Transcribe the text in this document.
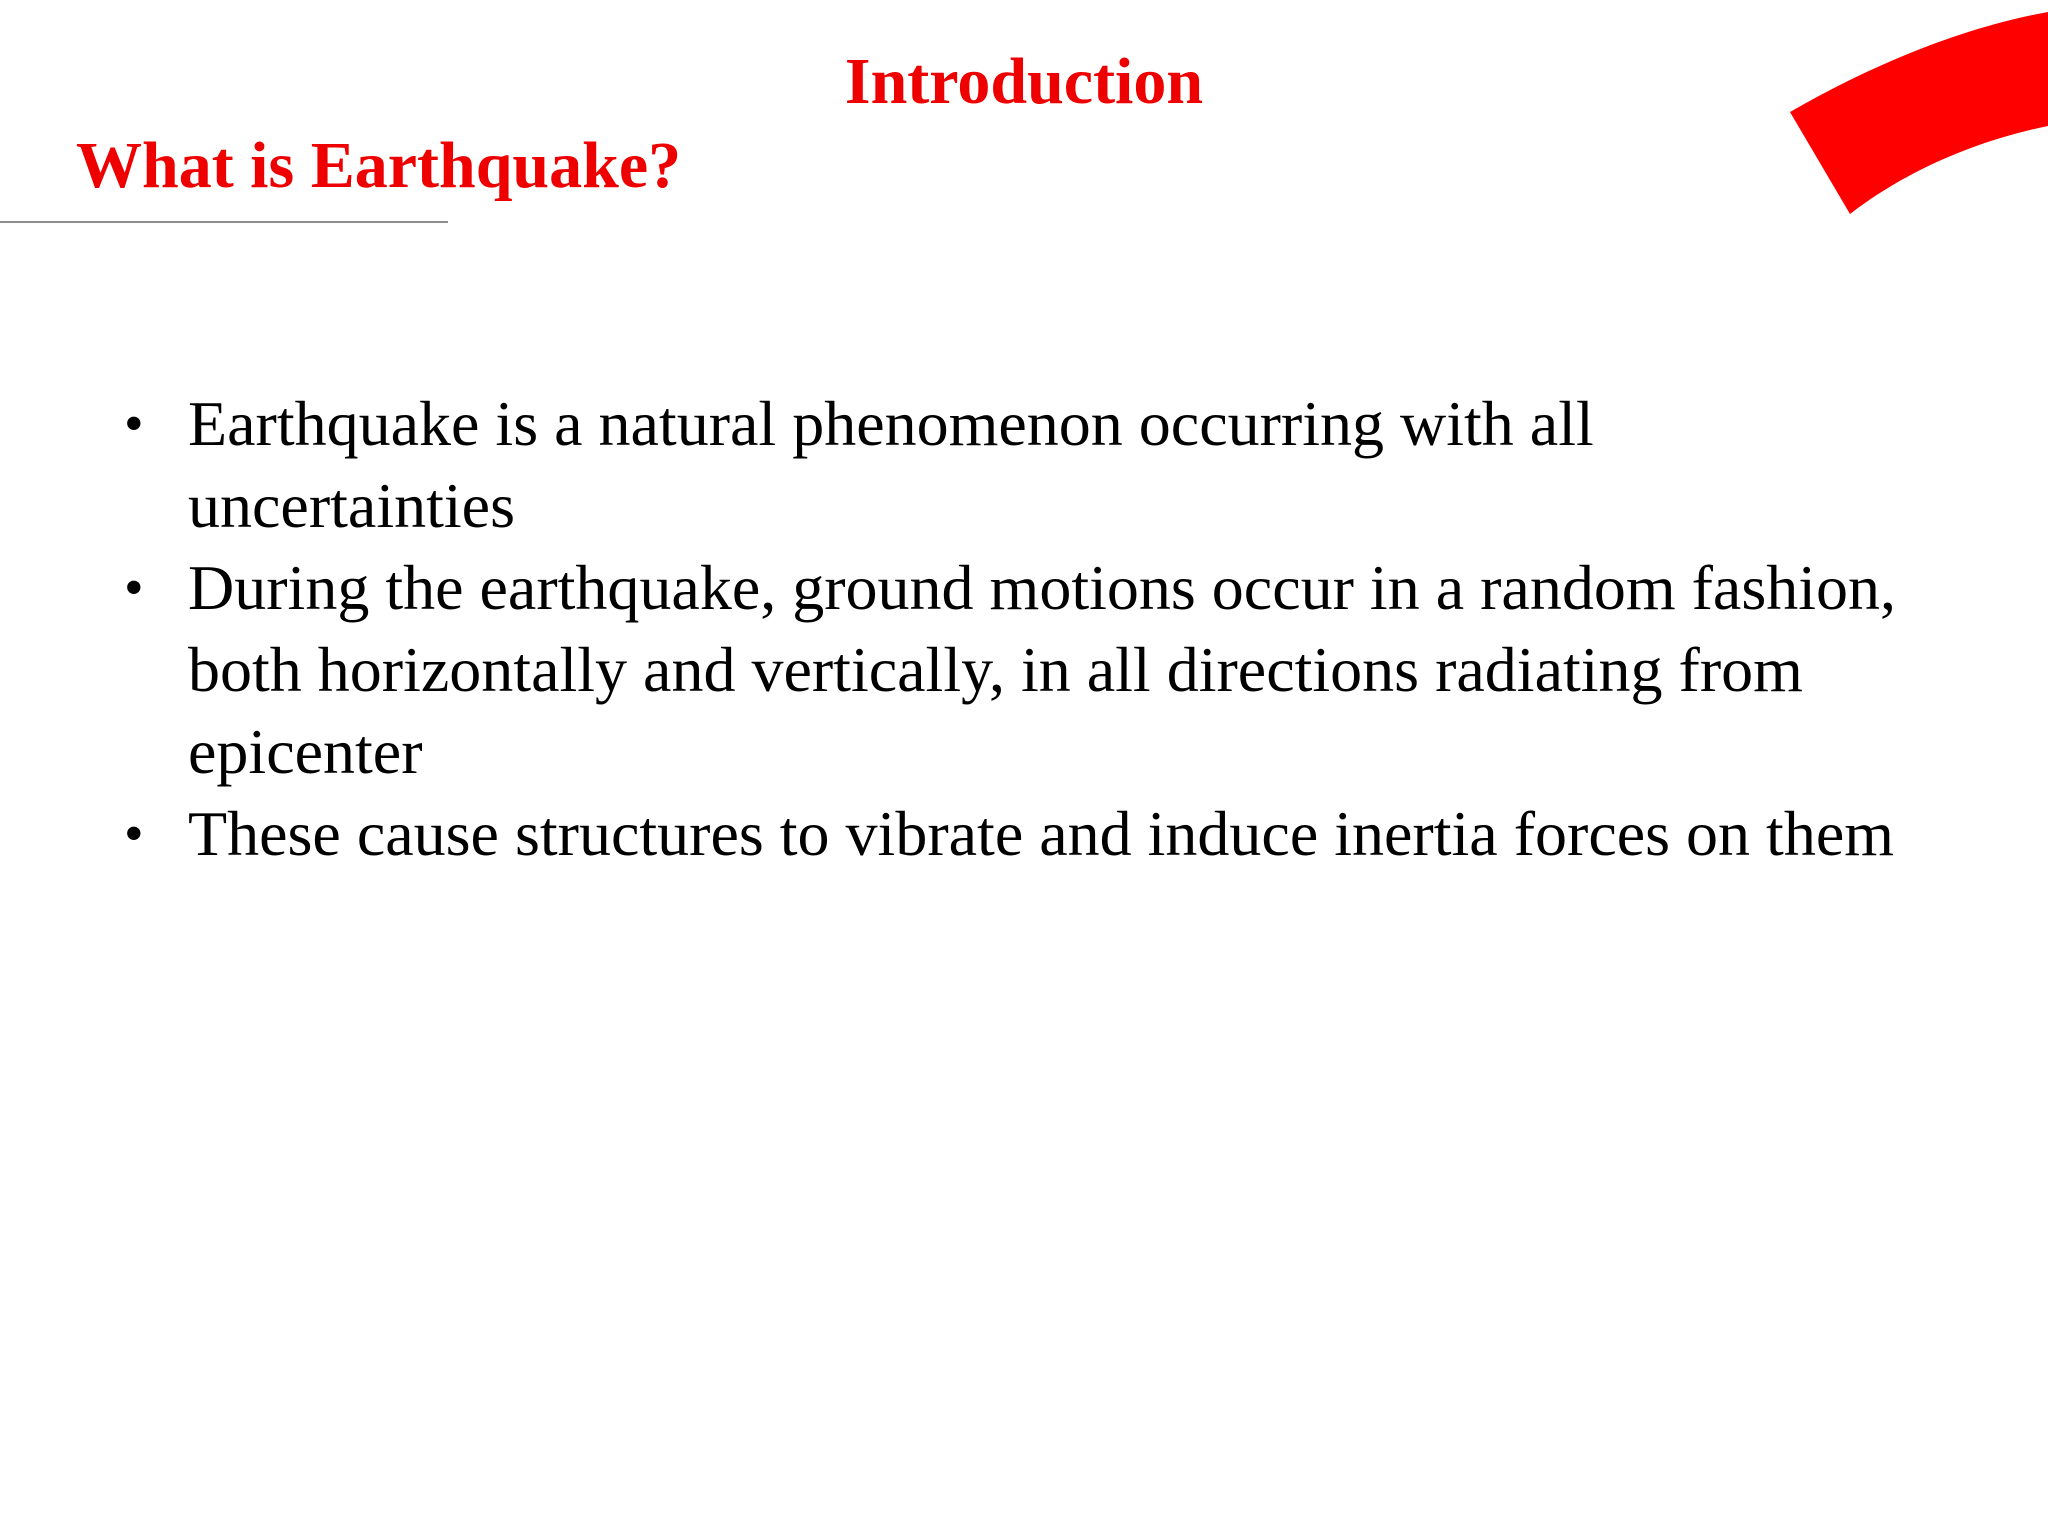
Introduction
What is Earthquake?
• Earthquake is a natural phenomenon occurring with all uncertainties
• During the earthquake, ground motions occur in a random fashion, both horizontally and vertically, in all directions radiating from epicenter
• These cause structures to vibrate and induce inertia forces on them
